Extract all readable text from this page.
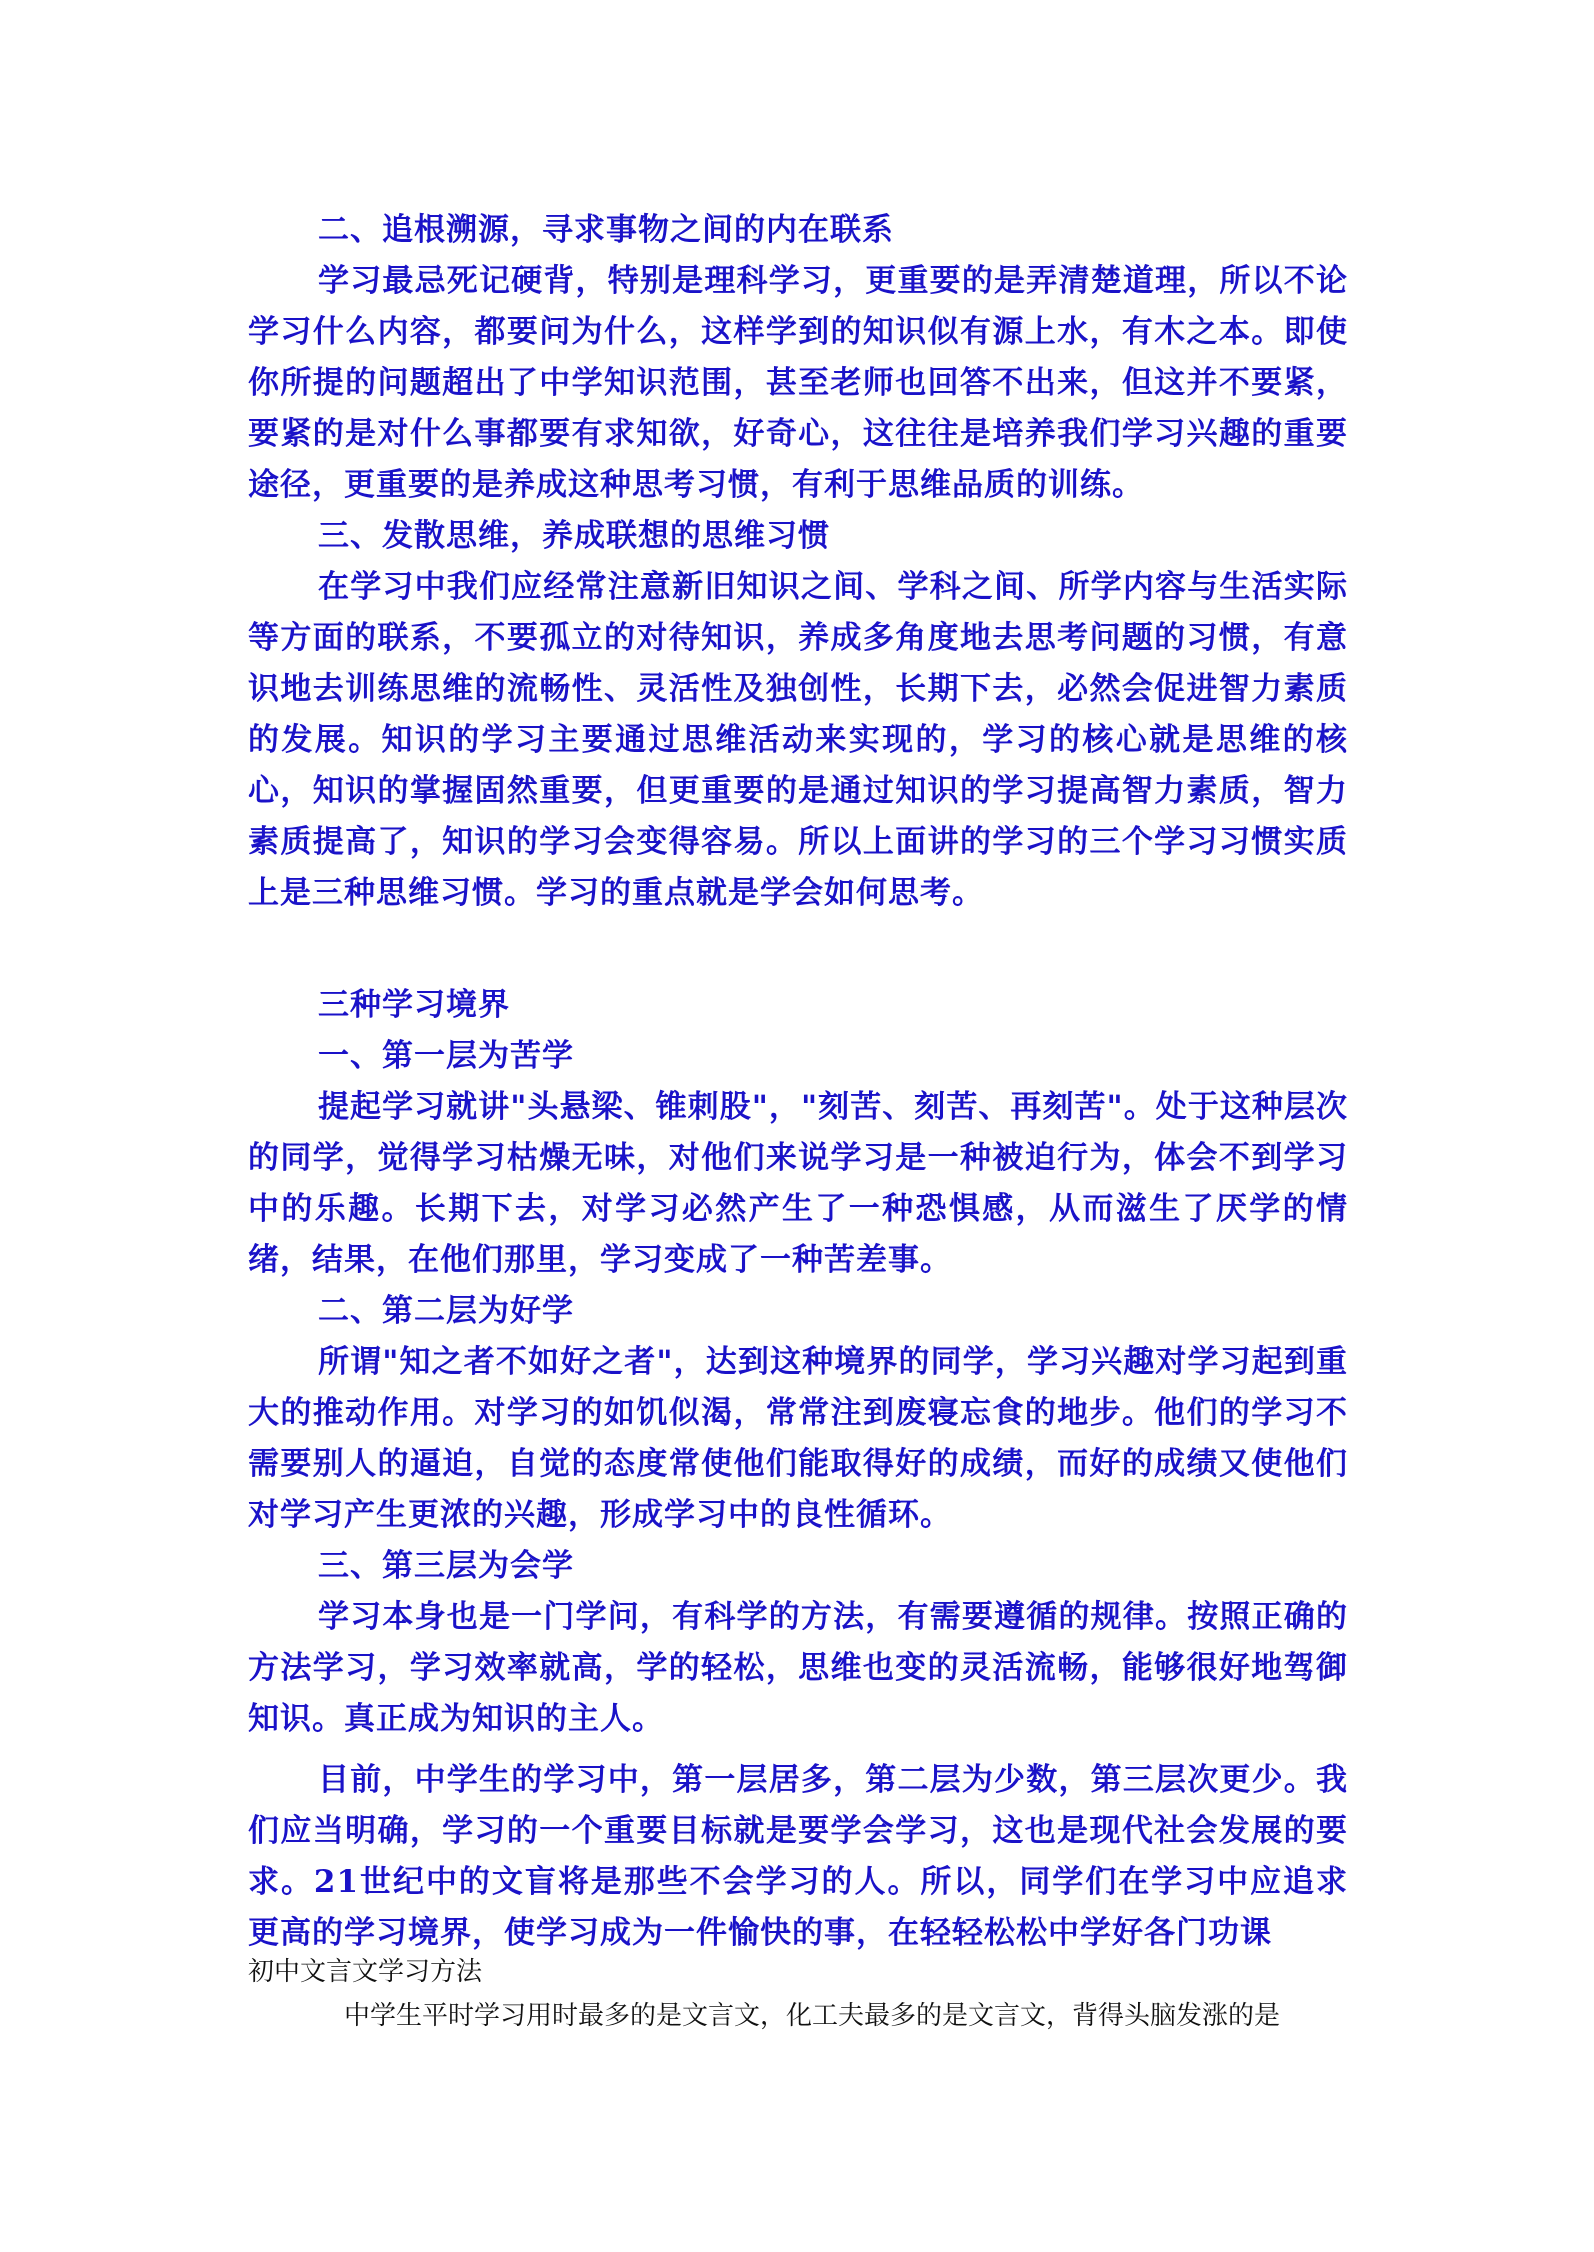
二、追根溯源，寻求事物之间的内在联系

学习最忌死记硬背，特别是理科学习，更重要的是弄清楚道理，所以不论学习什么内容，都要问为什么，这样学到的知识似有源上水，有木之本。即使你所提的问题超出了中学知识范围，甚至老师也回答不出来，但这并不要紧，要紧的是对什么事都要有求知欲，好奇心，这往往是培养我们学习兴趣的重要途径，更重要的是养成这种思考习惯，有利于思维品质的训练。

三、发散思维，养成联想的思维习惯

在学习中我们应经常注意新旧知识之间、学科之间、所学内容与生活实际等方面的联系，不要孤立的对待知识，养成多角度地去思考问题的习惯，有意识地去训练思维的流畅性、灵活性及独创性，长期下去，必然会促进智力素质的发展。知识的学习主要通过思维活动来实现的，学习的核心就是思维的核心，知识的掌握固然重要，但更重要的是通过知识的学习提高智力素质，智力素质提高了，知识的学习会变得容易。所以上面讲的学习的三个学习习惯实质上是三种思维习惯。学习的重点就是学会如何思考。

三种学习境界

一、第一层为苦学

提起学习就讲"头悬梁、锥刺股"，"刻苦、刻苦、再刻苦"。处于这种层次的同学，觉得学习枯燥无味，对他们来说学习是一种被迫行为，体会不到学习中的乐趣。长期下去，对学习必然产生了一种恐惧感，从而滋生了厌学的情绪，结果，在他们那里，学习变成了一种苦差事。

二、第二层为好学

所谓"知之者不如好之者"，达到这种境界的同学，学习兴趣对学习起到重大的推动作用。对学习的如饥似渴，常常注到废寝忘食的地步。他们的学习不需要别人的逼迫，自觉的态度常使他们能取得好的成绩，而好的成绩又使他们对学习产生更浓的兴趣，形成学习中的良性循环。

三、第三层为会学

学习本身也是一门学问，有科学的方法，有需要遵循的规律。按照正确的方法学习，学习效率就高，学的轻松，思维也变的灵活流畅，能够很好地驾御知识。真正成为知识的主人。

目前，中学生的学习中，第一层居多，第二层为少数，第三层次更少。我们应当明确，学习的一个重要目标就是要学会学习，这也是现代社会发展的要求。21世纪中的文盲将是那些不会学习的人。所以，同学们在学习中应追求更高的学习境界，使学习成为一件愉快的事，在轻轻松松中学好各门功课

初中文言文学习方法

中学生平时学习用时最多的是文言文，化工夫最多的是文言文，背得头脑发涨的是
